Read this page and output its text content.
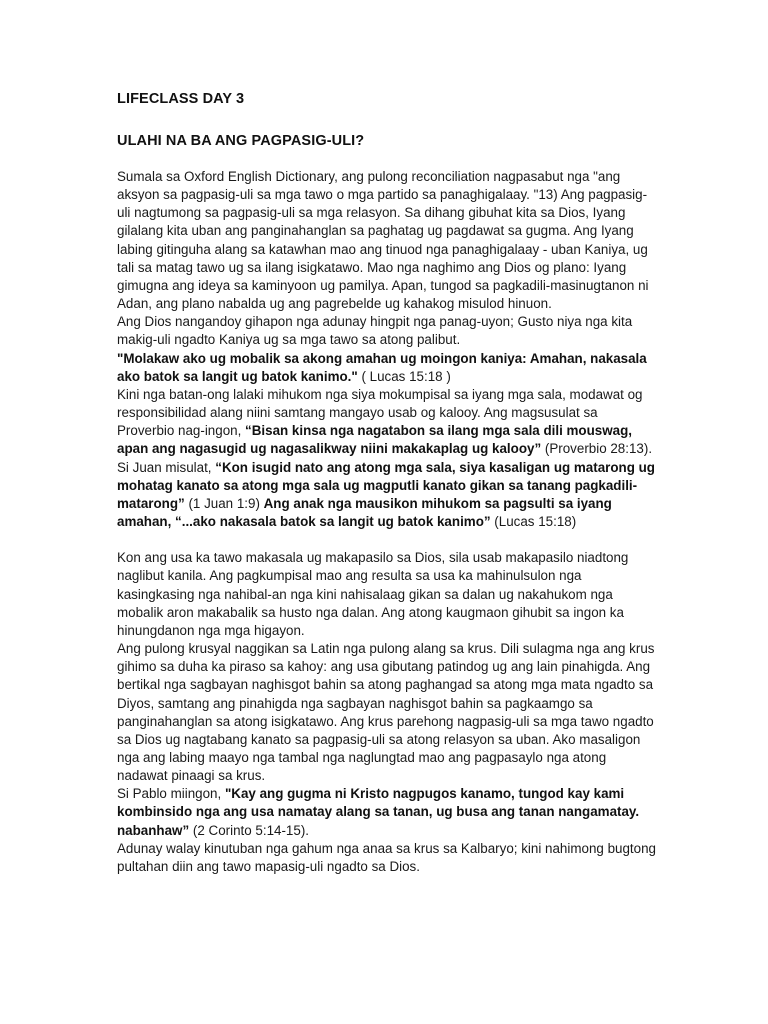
LIFECLASS DAY 3
ULAHI NA BA ANG PAGPASIG-ULI?

Sumala sa Oxford English Dictionary, ang pulong reconciliation nagpasabut nga "ang aksyon sa pagpasig-uli sa mga tawo o mga partido sa panaghigalaay. "13) Ang pagpasig-uli nagtumong sa pagpasig-uli sa mga relasyon. Sa dihang gibuhat kita sa Dios, Iyang gilalang kita uban ang panginahanglan sa paghatag ug pagdawat sa gugma. Ang Iyang labing gitinguha alang sa katawhan mao ang tinuod nga panaghigalaay - uban Kaniya, ug tali sa matag tawo ug sa ilang isigkatawo. Mao nga naghimo ang Dios og plano: Iyang gimugna ang ideya sa kaminyoon ug pamilya. Apan, tungod sa pagkadili-masinugtanon ni Adan, ang plano nabalda ug ang pagrebelde ug kahakog misulod hinuon.

Ang Dios nangandoy gihapon nga adunay hingpit nga panag-uyon; Gusto niya nga kita makig-uli ngadto Kaniya ug sa mga tawo sa atong palibut.

"Molakaw ako ug mobalik sa akong amahan ug moingon kaniya: Amahan, nakasala ako batok sa langit ug batok kanimo." ( Lucas 15:18 )

Kini nga batan-ong lalaki mihukom nga siya mokumpisal sa iyang mga sala, modawat og responsibilidad alang niini samtang mangayo usab og kalooy. Ang magsusulat sa Proverbio nag-ingon, “Bisan kinsa nga nagatabon sa ilang mga sala dili mouswag, apan ang nagasugid ug nagasalikway niini makakaplag ug kalooy” (Proverbio 28:13). Si Juan misulat, “Kon isugid nato ang atong mga sala, siya kasaligan ug matarong ug mohatag kanato sa atong mga sala ug magputli kanato gikan sa tanang pagkadili-matarong” (1 Juan 1:9) Ang anak nga mausikon mihukom sa pagsulti sa iyang amahan, “...ako nakasala batok sa langit ug batok kanimo” (Lucas 15:18)

Kon ang usa ka tawo makasala ug makapasilo sa Dios, sila usab makapasilo niadtong naglibut kanila. Ang pagkumpisal mao ang resulta sa usa ka mahinulsulon nga kasingkasing nga nahibal-an nga kini nahisalaag gikan sa dalan ug nakahukom nga mobalik aron makabalik sa husto nga dalan. Ang atong kaugmaon gihubit sa ingon ka hinungdanon nga mga higayon.

Ang pulong krusyal naggikan sa Latin nga pulong alang sa krus. Dili sulagma nga ang krus gihimo sa duha ka piraso sa kahoy: ang usa gibutang patindog ug ang lain pinahigda. Ang bertikal nga sagbayan naghisgot bahin sa atong paghangad sa atong mga mata ngadto sa Diyos, samtang ang pinahigda nga sagbayan naghisgot bahin sa pagkaamgo sa panginahanglan sa atong isigkatawo. Ang krus parehong nagpasig-uli sa mga tawo ngadto sa Dios ug nagtabang kanato sa pagpasig-uli sa atong relasyon sa uban. Ako masaligon nga ang labing maayo nga tambal nga naglungtad mao ang pagpasaylo nga atong nadawat pinaagi sa krus.

Si Pablo miingon, "Kay ang gugma ni Kristo nagpugos kanamo, tungod kay kami kombinsido nga ang usa namatay alang sa tanan, ug busa ang tanan nangamatay. nabanhaw” (2 Corinto 5:14-15).

Adunay walay kinutuban nga gahum nga anaa sa krus sa Kalbaryo; kini nahimong bugtong pultahan diin ang tawo mapasig-uli ngadto sa Dios.
